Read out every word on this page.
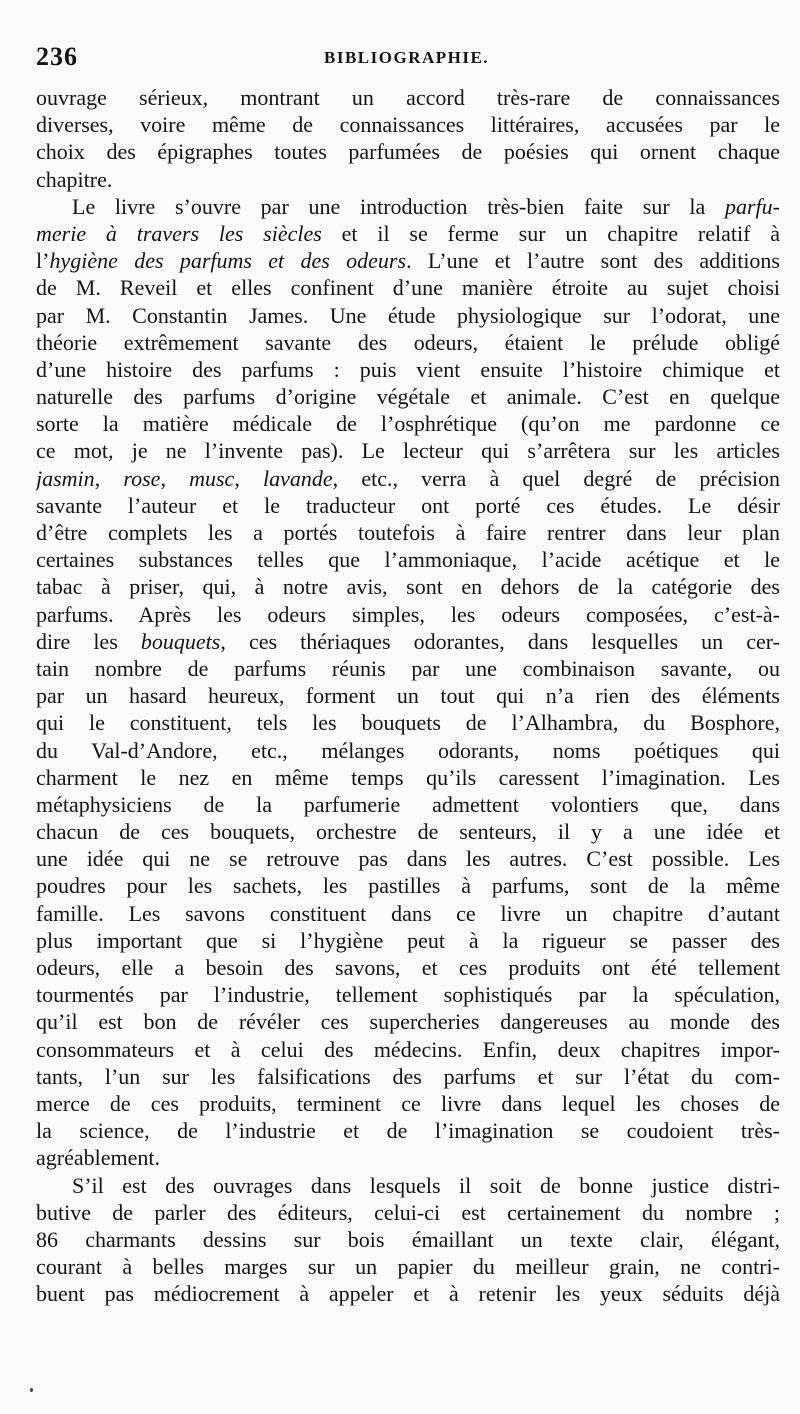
236	BIBLIOGRAPHIE.
ouvrage sérieux, montrant un accord très-rare de connaissances
diverses, voire même de connaissances littéraires, accusées par le
choix des épigraphes toutes parfumées de poésies qui ornent chaque
chapitre.
Le livre s’ouvre par une introduction très-bien faite sur la parfu-
merie à travers les siècles et il se ferme sur un chapitre relatif à
l’hygiène des parfums et des odeurs. L’une et l’autre sont des additions
de M. Reveil et elles confinent d’une manière étroite au sujet choisi
par M. Constantin James. Une étude physiologique sur l’odorat, une
théorie extrêmement savante des odeurs, étaient le prélude obligé
d’une histoire des parfums : puis vient ensuite l’histoire chimique et
naturelle des parfums d’origine végétale et animale. C’est en quelque
sorte la matière médicale de l’osphrétique (qu’on me pardonne ce
ce mot, je ne l’invente pas). Le lecteur qui s’arrêtera sur les articles
jasmin, rose, musc, lavande, etc., verra à quel degré de précision
savante l’auteur et le traducteur ont porté ces études. Le désir
d’être complets les a portés toutefois à faire rentrer dans leur plan
certaines substances telles que l’ammoniaque, l’acide acétique et le
tabac à priser, qui, à notre avis, sont en dehors de la catégorie des
parfums. Après les odeurs simples, les odeurs composées, c’est-à-
dire les bouquets, ces thériaques odorantes, dans lesquelles un cer-
tain nombre de parfums réunis par une combinaison savante, ou
par un hasard heureux, forment un tout qui n’a rien des éléments
qui le constituent, tels les bouquets de l’Alhambra, du Bosphore,
du Val-d’Andore, etc., mélanges odorants, noms poétiques qui
charment le nez en même temps qu’ils caressent l’imagination. Les
métaphysiciens de la parfumerie admettent volontiers que, dans
chacun de ces bouquets, orchestre de senteurs, il y a une idée et
une idée qui ne se retrouve pas dans les autres. C’est possible. Les
poudres pour les sachets, les pastilles à parfums, sont de la même
famille. Les savons constituent dans ce livre un chapitre d’autant
plus important que si l’hygiène peut à la rigueur se passer des
odeurs, elle a besoin des savons, et ces produits ont été tellement
tourmentés par l’industrie, tellement sophistiqués par la spéculation,
qu’il est bon de révéler ces supercheries dangereuses au monde des
consommateurs et à celui des médecins. Enfin, deux chapitres impor-
tants, l’un sur les falsifications des parfums et sur l’état du com-
merce de ces produits, terminent ce livre dans lequel les choses de
la science, de l’industrie et de l’imagination se coudoient très-
agréablement.
S’il est des ouvrages dans lesquels il soit de bonne justice distri-
butive de parler des éditeurs, celui-ci est certainement du nombre ;
86 charmants dessins sur bois émaillant un texte clair, élégant,
courant à belles marges sur un papier du meilleur grain, ne contri-
buent pas médiocrement à appeler et à retenir les yeux séduits déjà
